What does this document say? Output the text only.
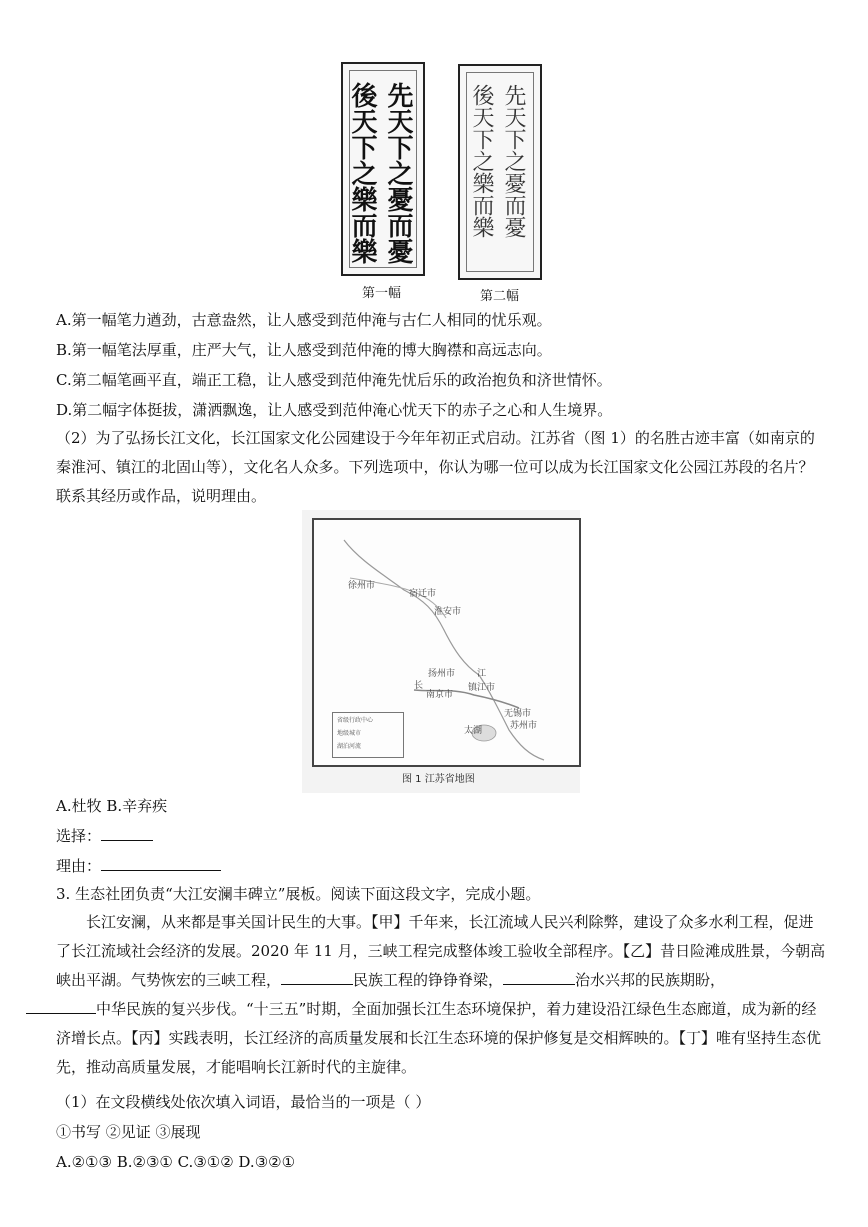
先天下之憂而憂
後天下之樂而樂
第一幅
先天下之憂而憂
後天下之樂而樂
第二幅
A.第一幅笔力遒劲，古意盎然，让人感受到范仲淹与古仁人相同的忧乐观。
B.第一幅笔法厚重，庄严大气，让人感受到范仲淹的博大胸襟和高远志向。
C.第二幅笔画平直，端正工稳，让人感受到范仲淹先忧后乐的政治抱负和济世情怀。
D.第二幅字体挺拔，潇洒飘逸，让人感受到范仲淹心忧天下的赤子之心和人生境界。
（2）为了弘扬长江文化，长江国家文化公园建设于今年年初正式启动。江苏省（图 1）的名胜古迹丰富（如南京的秦淮河、镇江的北固山等），文化名人众多。下列选项中，你认为哪一位可以成为长江国家文化公园江苏段的名片？联系其经历或作品，说明理由。
徐州市
宿迁市
淮安市
扬州市 江
长
南京市
镇江市
无锡市
苏州市
太湖
省级行政中心
地级城市
湖泊河流
图 1 江苏省地图
A.杜牧 B.辛弃疾
选择：
理由：
3. 生态社团负责“大江安澜丰碑立”展板。阅读下面这段文字，完成小题。
长江安澜，从来都是事关国计民生的大事。【甲】千年来，长江流域人民兴利除弊，建设了众多水利工程，促进了长江流域社会经济的发展。2020 年 11 月，三峡工程完成整体竣工验收全部程序。【乙】昔日险滩成胜景，今朝高峡出平湖。气势恢宏的三峡工程，	民族工程的铮铮脊梁，	治水兴邦的民族期盼，
中华民族的复兴步伐。“十三五”时期，全面加强长江生态环境保护，着力建设沿江绿色生态廊道，成为新的经济增长点。【丙】实践表明，长江经济的高质量发展和长江生态环境的保护修复是交相辉映的。【丁】唯有坚持生态优先，推动高质量发展，才能唱响长江新时代的主旋律。
（1）在文段横线处依次填入词语，最恰当的一项是（ ）
①书写 ②见证 ③展现
A.②①③ B.②③① C.③①② D.③②①
